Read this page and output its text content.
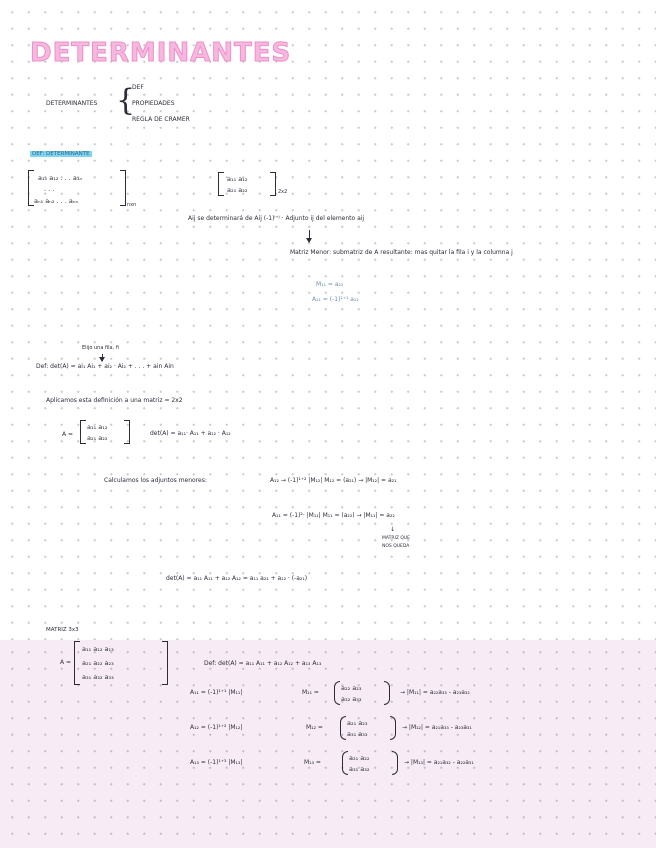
DETERMINANTES
DETERMINANTES {
DEF
PROPIEDADES
REGLA DE CRAMER
DEF: DETERMINANTE
a₁₁ a₁₂ . . . a₁ₙ
. . .
aₙ₁ aₙ₂ . . . aₙₙ	nxn
a₁₁ a₁₂
a₂₁ a₂₂	2x2
Aij se determinará de Aij (-1)ⁱ⁺ʲ · Adjunto ij del elemento aij
Matriz Menor: submatriz de A resultante: mas quitar la fila i y la columna j
M₁₁ = a₂₂
A₁₁ = (-1)¹⁺¹ a₂₂
Elijo una fila, fi
Def: det(A) = ai₁ Ai₁ + ai₂ · Ai₂ + . . . + ain Ain
Aplicamos esta definición a una matriz = 2x2
A =
a₁₁ a₁₂
a₂₁ a₂₂
det(A) = a₁₁· A₁₁ + a₁₂ · A₁₂
Calculamos los adjuntos menores:	A₁₂ → (-1)¹⁺² |M₁₂| M₁₂ = (a₂₁) → |M₁₂| = a₂₁
A₁₁ = (-1)²· |M₁₁| M₁₁ = (a₂₂) → |M₁₁| = a₂₂
↓
MATRIZ QUE
NOS QUEDA
det(A) = a₁₁ A₁₁ + a₁₂ A₁₂ = a₁₁ a₂₂ + a₁₂ · (-a₂₁)
MATRIZ 3x3
A =
a₁₁ a₁₂ a₁₃
a₂₁ a₂₂ a₂₃
a₃₁ a₃₂ a₃₃
Def: det(A) = a₁₁ A₁₁ + a₁₂ A₁₂ + a₁₃ A₁₃
A₁₁ = (-1)¹⁺¹ |M₁₁|	M₁₁ =
a₂₂ a₂₃
a₃₂ a₃₃
→ |M₁₁| = a₂₂a₃₃ - a₂₃a₃₂
A₁₂ = (-1)¹⁺² |M₁₂|	M₁₂ =
a₂₁ a₂₃
a₃₁ a₃₃
→ |M₁₂| = a₂₁a₃₃ - a₂₃a₃₁
A₁₃ = (-1)¹⁺³ |M₁₃|	M₁₃ =
a₂₁ a₂₂
a₃₁ a₃₂
→ |M₁₃| = a₂₁a₃₂ - a₂₂a₃₁
